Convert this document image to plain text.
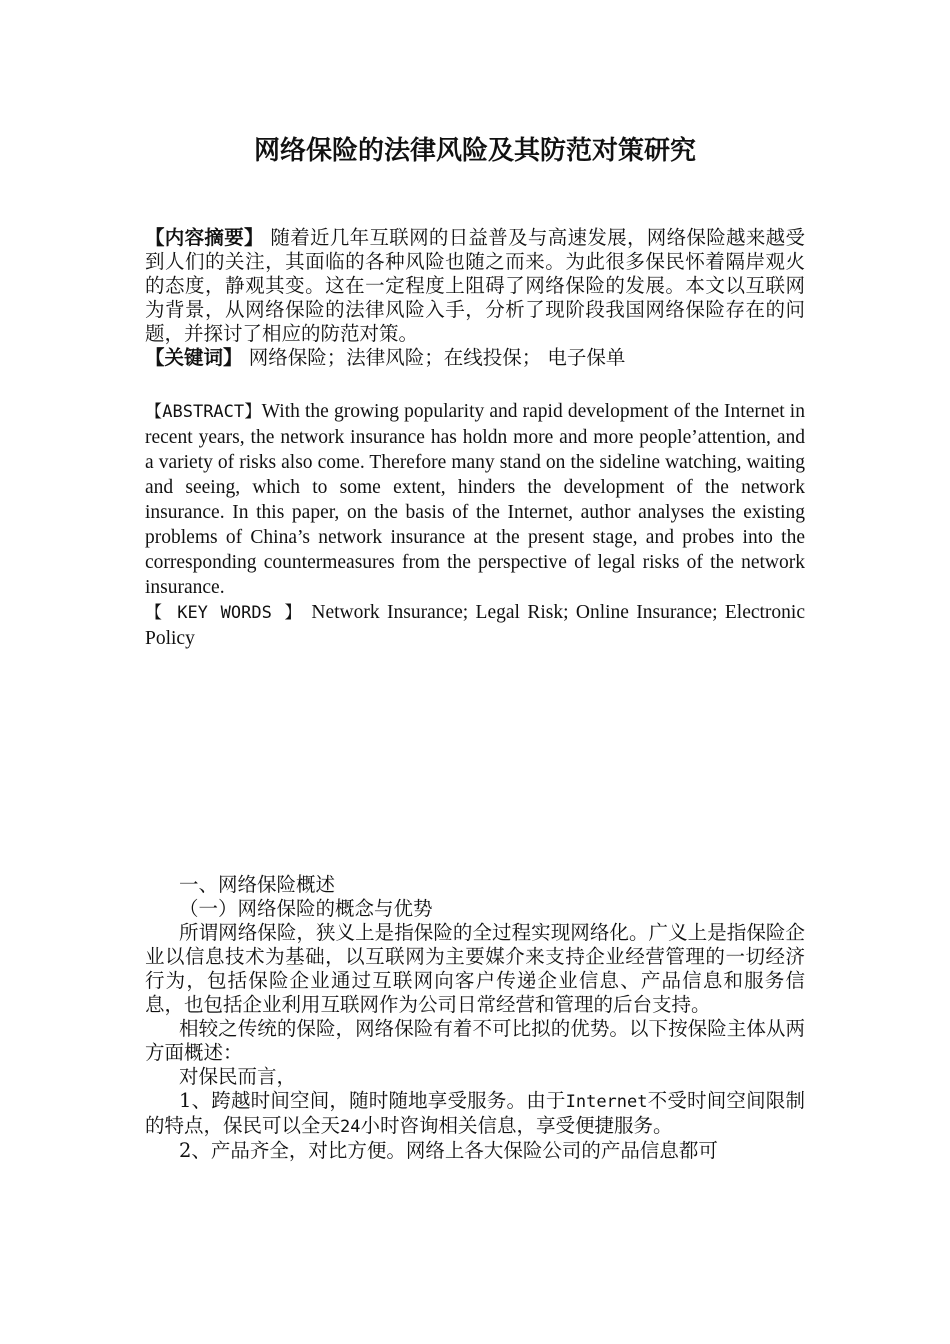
网络保险的法律风险及其防范对策研究

【内容摘要】 随着近几年互联网的日益普及与高速发展，网络保险越来越受到人们的关注，其面临的各种风险也随之而来。为此很多保民怀着隔岸观火的态度，静观其变。这在一定程度上阻碍了网络保险的发展。本文以互联网为背景，从网络保险的法律风险入手，分析了现阶段我国网络保险存在的问题，并探讨了相应的防范对策。

【关键词】 网络保险；法律风险；在线投保； 电子保单

【ABSTRACT】With the growing popularity and rapid development of the Internet in recent years, the network insurance has holdn more and more people’attention, and a variety of risks also come. Therefore many stand on the sideline watching, waiting and seeing, which to some extent, hinders the development of the network insurance. In this paper, on the basis of the Internet, author analyses the existing problems of China’s network insurance at the present stage, and probes into the corresponding countermeasures from the perspective of legal risks of the network insurance.

【 KEY WORDS 】 Network Insurance; Legal Risk; Online Insurance; Electronic Policy

一、网络保险概述

（一）网络保险的概念与优势

所谓网络保险，狭义上是指保险的全过程实现网络化。广义上是指保险企业以信息技术为基础，以互联网为主要媒介来支持企业经营管理的一切经济行为，包括保险企业通过互联网向客户传递企业信息、产品信息和服务信息，也包括企业利用互联网作为公司日常经营和管理的后台支持。

相较之传统的保险，网络保险有着不可比拟的优势。以下按保险主体从两方面概述：

对保民而言，

1、跨越时间空间，随时随地享受服务。由于Internet不受时间空间限制的特点，保民可以全天24小时咨询相关信息，享受便捷服务。

2、产品齐全，对比方便。网络上各大保险公司的产品信息都可
